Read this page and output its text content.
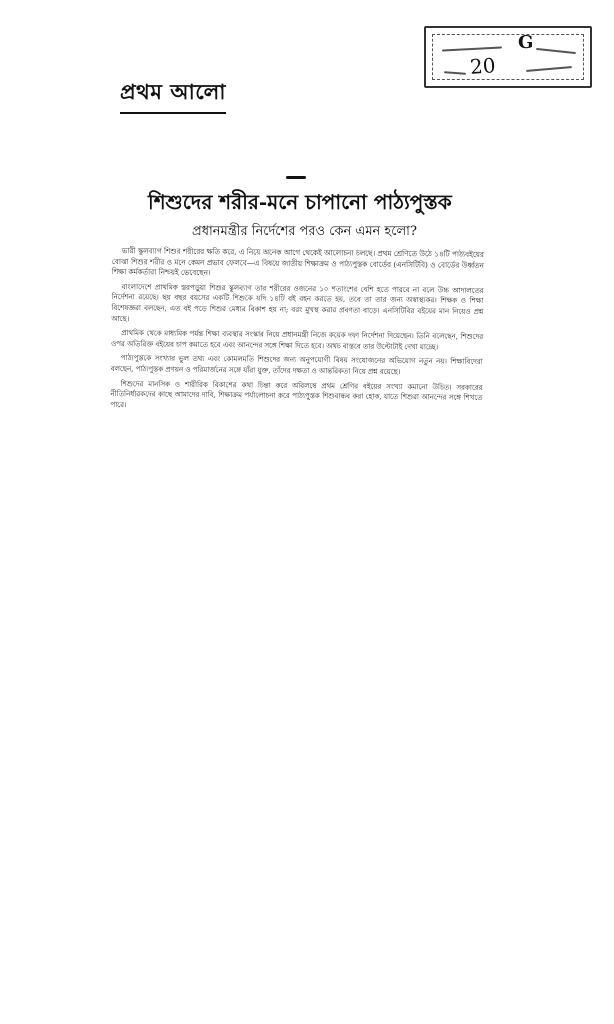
G
20
প্রথম আলো
শিশুদের শরীর-মনে চাপানো পাঠ্যপুস্তক
প্রধানমন্ত্রীর নির্দেশের পরও কেন এমন হলো?

ভারী স্কুলব্যাগ শিশুর শরীরের ক্ষতি করে, এ নিয়ে অনেক আগে থেকেই আলোচনা চলছে। প্রথম শ্রেণিতে উঠে ১৪টি পাঠ্যবইয়ের বোঝা শিশুর শরীর ও মনে কেমন প্রভাব ফেলবে—এ বিষয়ে জাতীয় শিক্ষাক্রম ও পাঠ্যপুস্তক বোর্ডের (এনসিটিবি) ও বোর্ডের উর্ধ্বতন শিক্ষা কর্মকর্তারা নিশ্চয়ই ভেবেছেন।

বাংলাদেশে প্রাথমিক স্তরপড়ুয়া শিশুর স্কুলব্যাগ তার শরীরের ওজনের ১০ শতাংশের বেশি হতে পারবে না বলে উচ্চ আদালতের নির্দেশনা রয়েছে। ছয় বছর বয়সের একটি শিশুকে যদি ১৪টি বই বহন করতে হয়, তবে তা তার জন্য অস্বাস্থ্যকর। শিক্ষক ও শিক্ষা বিশেষজ্ঞরা বলছেন, এত বই পড়ে শিশুর মেধার বিকাশ হয় না; বরং মুখস্থ করার প্রবণতা বাড়ে। এনসিটিবির বইয়ের মান নিয়েও প্রশ্ন আছে।

প্রাথমিক থেকে মাধ্যমিক পর্যন্ত শিক্ষা ব্যবস্থার সংস্কার নিয়ে প্রধানমন্ত্রী নিজে কয়েক দফা নির্দেশনা দিয়েছেন। তিনি বলেছেন, শিশুদের ওপর অতিরিক্ত বইয়ের চাপ কমাতে হবে এবং আনন্দের সঙ্গে শিক্ষা দিতে হবে। অথচ বাস্তবে তার উল্টোটাই দেখা যাচ্ছে।

পাঠ্যপুস্তকে সংখ্যার ভুল তথ্য এবং কোমলমতি শিশুদের জন্য অনুপযোগী বিষয় সংযোজনের অভিযোগ নতুন নয়। শিক্ষাবিদেরা বলছেন, পাঠ্যপুস্তক প্রণয়ন ও পরিমার্জনের সঙ্গে যাঁরা যুক্ত, তাঁদের দক্ষতা ও আন্তরিকতা নিয়ে প্রশ্ন রয়েছে।

শিশুদের মানসিক ও শারীরিক বিকাশের কথা চিন্তা করে অবিলম্বে প্রথম শ্রেণির বইয়ের সংখ্যা কমানো উচিত। সরকারের নীতিনির্ধারকদের কাছে আমাদের দাবি, শিক্ষাক্রম পর্যালোচনা করে পাঠ্যপুস্তক শিশুবান্ধব করা হোক, যাতে শিশুরা আনন্দের সঙ্গে শিখতে পারে।
